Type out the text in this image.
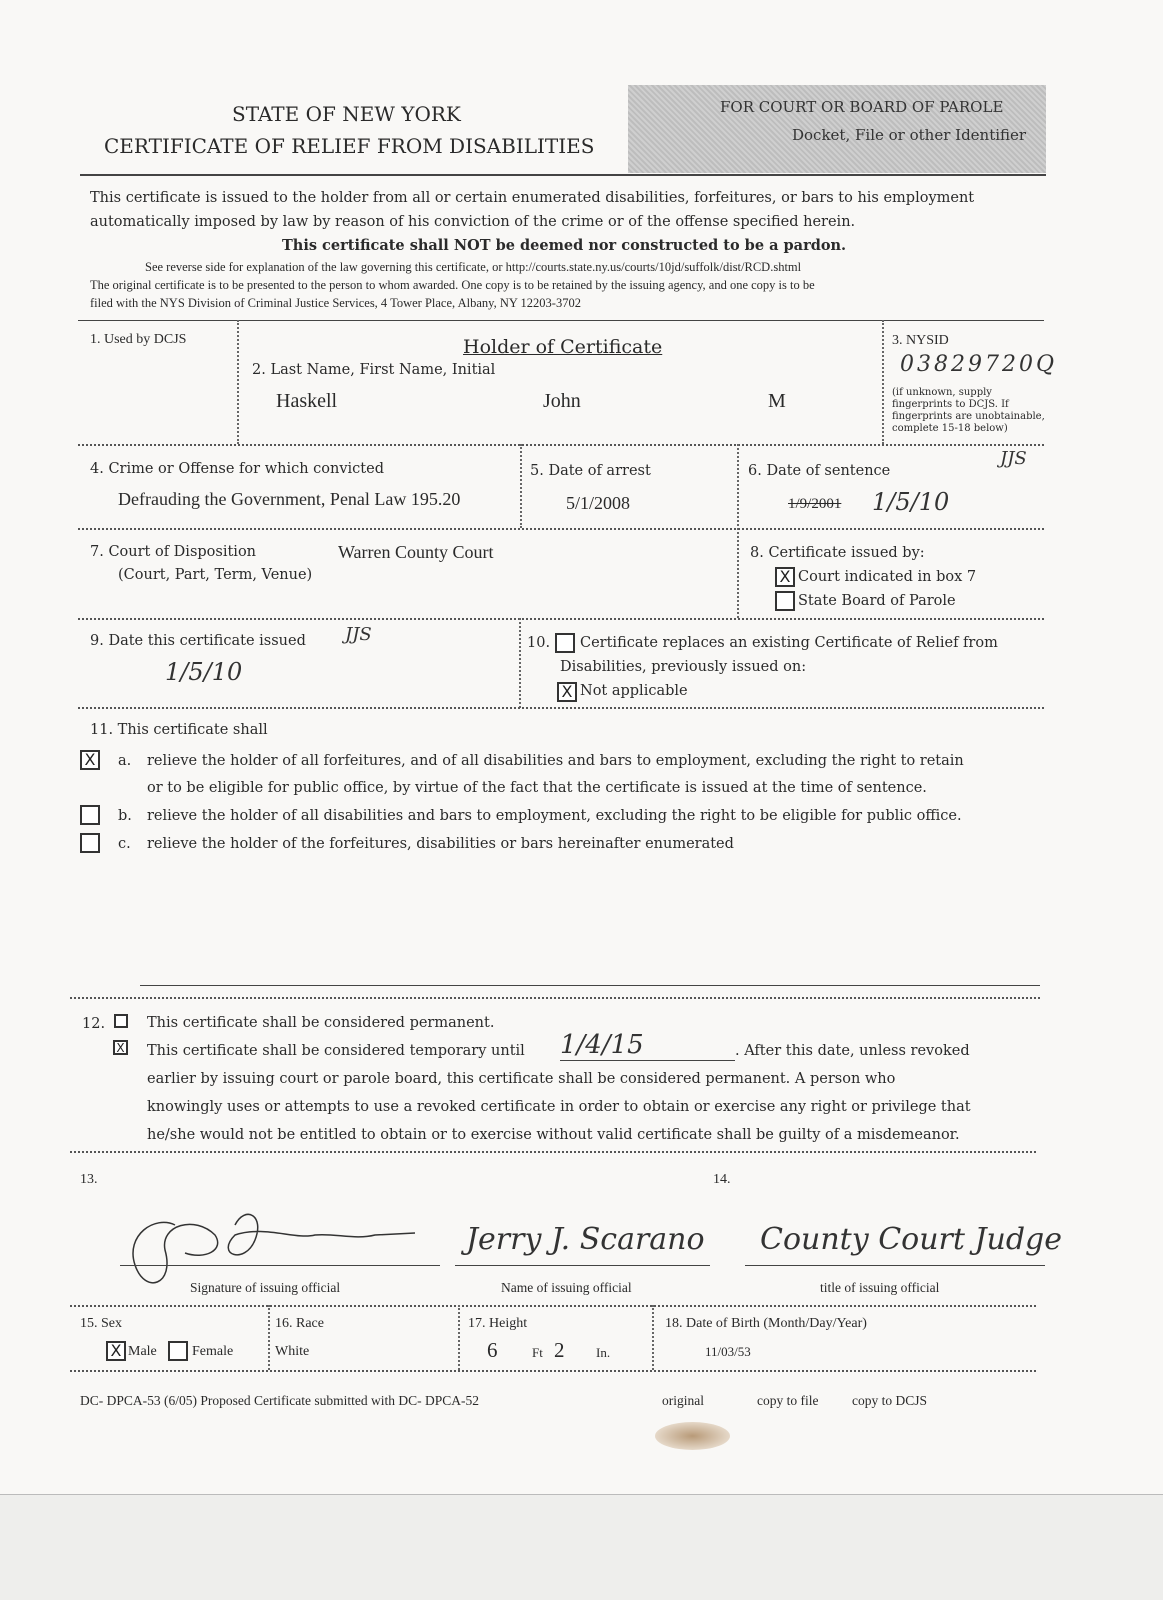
STATE OF NEW YORK
CERTIFICATE OF RELIEF FROM DISABILITIES
FOR COURT OR BOARD OF PAROLE
Docket, File or other Identifier
This certificate is issued to the holder from all or certain enumerated disabilities, forfeitures, or bars to his employment
automatically imposed by law by reason of his conviction of the crime or of the offense specified herein.
This certificate shall NOT be deemed nor constructed to be a pardon.
See reverse side for explanation of the law governing this certificate, or http://courts.state.ny.us/courts/10jd/suffolk/dist/RCD.shtml
The original certificate is to be presented to the person to whom awarded. One copy is to be retained by the issuing agency, and one copy is to be
filed with the NYS Division of Criminal Justice Services, 4 Tower Place, Albany, NY 12203-3702
1. Used by DCJS	Holder of Certificate
2. Last Name, First Name, Initial
Haskell	John	M
3. NYSID
03829720Q
(if unknown, supply
fingerprints to DCJS. If
fingerprints are unobtainable,
complete 15-18 below)
4. Crime or Offense for which convicted
Defrauding the Government, Penal Law 195.20
5. Date of arrest
5/1/2008
6. Date of sentence
1/9/2001 1/5/10
JJS
7. Court of Disposition
(Court, Part, Term, Venue)
Warren County Court	8. Certificate issued by:
X Court indicated in box 7
State Board of Parole
9. Date this certificate issued JJS
1/5/10
10. Certificate replaces an existing Certificate of Relief from
Disabilities, previously issued on:
X Not applicable
11. This certificate shall
X	a. relieve the holder of all forfeitures, and of all disabilities and bars to employment, excluding the right to retain
or to be eligible for public office, by virtue of the fact that the certificate is issued at the time of sentence.
b. relieve the holder of all disabilities and bars to employment, excluding the right to be eligible for public office.
c. relieve the holder of the forfeitures, disabilities or bars hereinafter enumerated
12.	This certificate shall be considered permanent.
X This certificate shall be considered temporary until 1/4/15	. After this date, unless revoked
earlier by issuing court or parole board, this certificate shall be considered permanent. A person who
knowingly uses or attempts to use a revoked certificate in order to obtain or exercise any right or privilege that
he/she would not be entitled to obtain or to exercise without valid certificate shall be guilty of a misdemeanor.
13.	14.
Jerry J. Scarano County Court Judge
Signature of issuing official	Name of issuing official	title of issuing official
15. Sex
X Male	Female
16. Race
White
17. Height
6	Ft 2 In.
18. Date of Birth (Month/Day/Year)
11/03/53
DC- DPCA-53 (6/05) Proposed Certificate submitted with DC- DPCA-52	original	copy to file copy to DCJS
